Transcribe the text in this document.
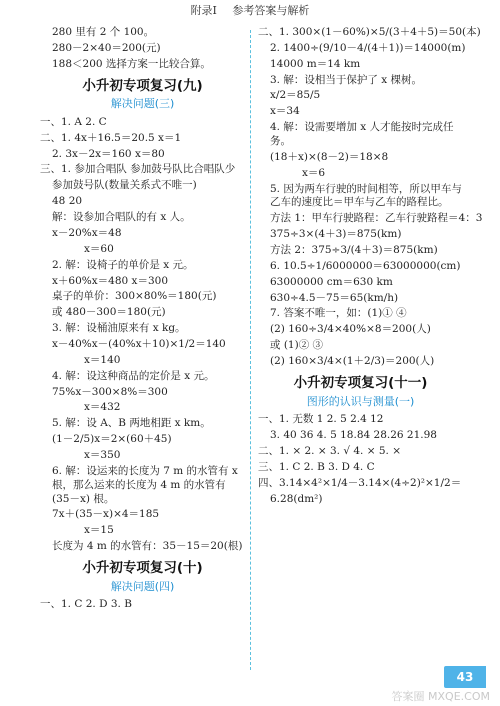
附录Ⅰ 参考答案与解析
280 里有 2 个 100。
280－2×40＝200(元)
188＜200 选择方案一比较合算。
小升初专项复习(九)
解决问题(三)
一、1. A 2. C
二、1. 4x＋16.5＝20.5 x＝1
2. 3x－2x＝160 x＝80
三、1. 参加合唱队 参加鼓号队比合唱队少
参加鼓号队(数量关系式不唯一)
48 20
解：设参加合唱队的有 x 人。
x－20%x＝48
x＝60
2. 解：设椅子的单价是 x 元。
x＋60%x＝480 x＝300
桌子的单价：300×80%＝180(元)
或 480－300＝180(元)
3. 解：设桶油原来有 x kg。
x－40%x－(40%x＋10)×1/2＝140
x＝140
4. 解：设这种商品的定价是 x 元。
75%x－300×8%＝300
x＝432
5. 解：设 A、B 两地相距 x km。
(1－2/5)x＝2×(60＋45)
x＝350
6. 解：设运来的长度为 7 m 的水管有 x 根，那么运来的长度为 4 m 的水管有 (35－x) 根。
7x＋(35－x)×4＝185
x＝15
长度为 4 m 的水管有：35－15＝20(根)
小升初专项复习(十)
解决问题(四)
一、1. C 2. D 3. B
二、1. 300×(1－60%)×5/(3＋4＋5)＝50(本)
2. 1400÷(9/10－4/(4＋1))＝14000(m)
14000 m＝14 km
3. 解：设相当于保护了 x 棵树。
x/2＝85/5
x＝34
4. 解：设需要增加 x 人才能按时完成任务。
(18＋x)×(8－2)＝18×8
x＝6
5. 因为两车行驶的时间相等，所以甲车与乙车的速度比＝甲车与乙车的路程比。
方法 1：甲车行驶路程：乙车行驶路程＝4：3
375÷3×(4＋3)＝875(km)
方法 2：375÷3/(4＋3)＝875(km)
6. 10.5÷1/6000000＝63000000(cm)
63000000 cm＝630 km
630÷4.5－75＝65(km/h)
7. 答案不唯一，如：(1)① ④
(2) 160÷3/4×40%×8＝200(人)
或 (1)② ③
(2) 160×3/4×(1＋2/3)＝200(人)
小升初专项复习(十一)
图形的认识与测量(一)
一、1. 无数 1 2. 5 2.4 12
3. 40 36 4. 5 18.84 28.26 21.98
二、1. × 2. × 3. √ 4. × 5. ×
三、1. C 2. B 3. D 4. C
四、3.14×4²×1/4－3.14×(4÷2)²×1/2＝
6.28(dm²)
43
答案圈 MXQE.COM
